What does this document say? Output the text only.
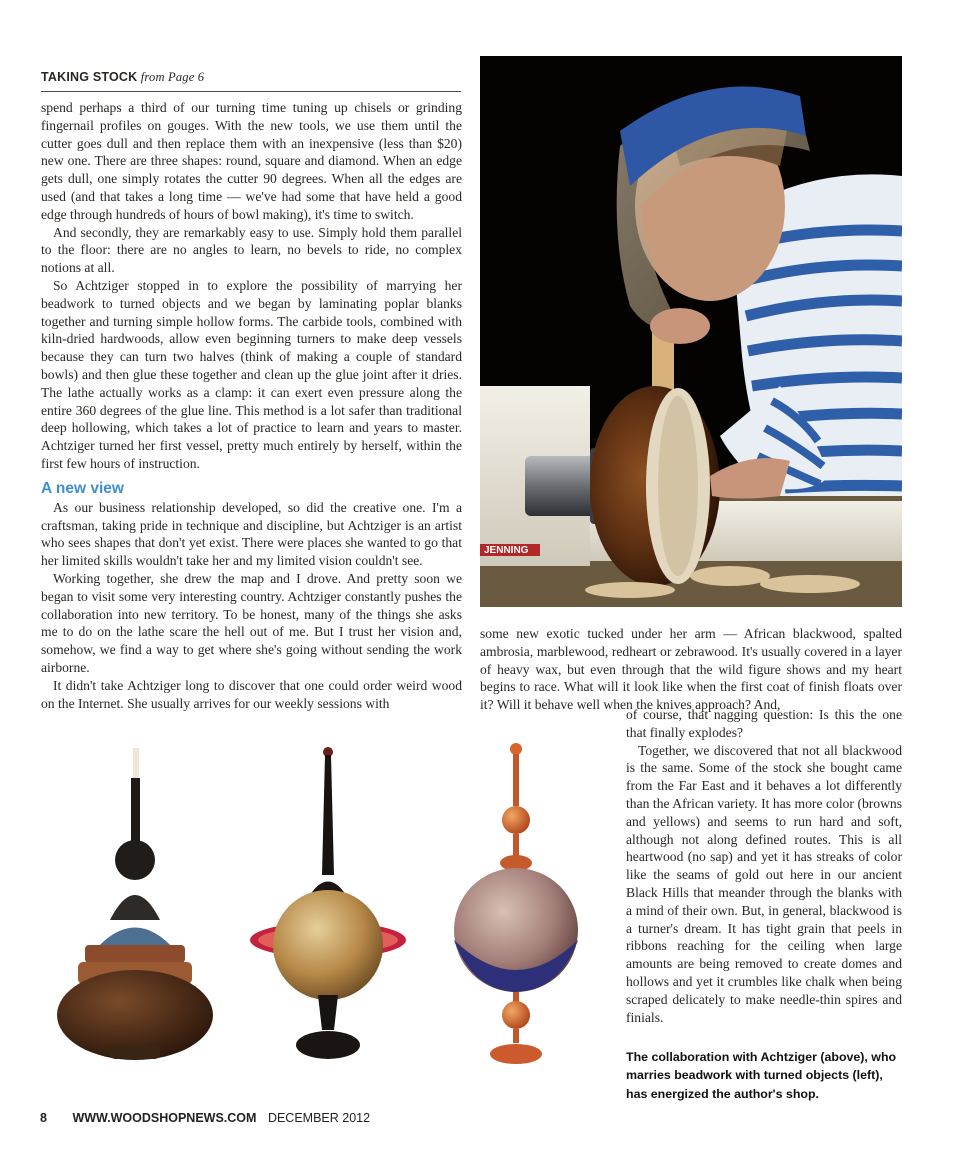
TAKING STOCK from Page 6

spend perhaps a third of our turning time tuning up chisels or grinding fingernail profiles on gouges. With the new tools, we use them until the cutter goes dull and then replace them with an inexpensive (less than $20) new one. There are three shapes: round, square and diamond. When an edge gets dull, one simply rotates the cutter 90 degrees. When all the edges are used (and that takes a long time — we've had some that have held a good edge through hundreds of hours of bowl making), it's time to switch.

And secondly, they are remarkably easy to use. Simply hold them parallel to the floor: there are no angles to learn, no bevels to ride, no complex notions at all.

So Achtziger stopped in to explore the possibility of marrying her beadwork to turned objects and we began by laminating poplar blanks together and turning simple hollow forms. The carbide tools, combined with kiln-dried hardwoods, allow even beginning turners to make deep vessels because they can turn two halves (think of making a couple of standard bowls) and then glue these together and clean up the glue joint after it dries. The lathe actually works as a clamp: it can exert even pressure along the entire 360 degrees of the glue line. This method is a lot safer than traditional deep hollowing, which takes a lot of practice to learn and years to master. Achtziger turned her first vessel, pretty much entirely by herself, within the first few hours of instruction.

A new view

As our business relationship developed, so did the creative one. I'm a craftsman, taking pride in technique and discipline, but Achtziger is an artist who sees shapes that don't yet exist. There were places she wanted to go that her limited skills wouldn't take her and my limited vision couldn't see.

Working together, she drew the map and I drove. And pretty soon we began to visit some very interesting country. Achtziger constantly pushes the collaboration into new territory. To be honest, many of the things she asks me to do on the lathe scare the hell out of me. But I trust her vision and, somehow, we find a way to get where she's going without sending the work airborne.

It didn't take Achtziger long to discover that one could order weird wood on the Internet. She usually arrives for our weekly sessions with

JENNING

some new exotic tucked under her arm — African blackwood, spalted ambrosia, marblewood, redheart or zebrawood. It's usually covered in a layer of heavy wax, but even through that the wild figure shows and my heart begins to race. What will it look like when the first coat of finish floats over it? Will it behave well when the knives approach? And,

of course, that nagging question: Is this the one that finally explodes?

Together, we discovered that not all blackwood is the same. Some of the stock she bought came from the Far East and it behaves a lot differently than the African variety. It has more color (browns and yellows) and seems to run hard and soft, although not along defined routes. This is all heartwood (no sap) and yet it has streaks of color like the seams of gold out here in our ancient Black Hills that meander through the blanks with a mind of their own. But, in general, blackwood is a turner's dream. It has tight grain that peels in ribbons reaching for the ceiling when large amounts are being removed to create domes and hollows and yet it crumbles like chalk when being scraped delicately to make needle-thin spires and finials.

The collaboration with Achtziger (above), who marries beadwork with turned objects (left), has energized the author's shop.
8 WWW.WOODSHOPNEWS.COM DECEMBER 2012
